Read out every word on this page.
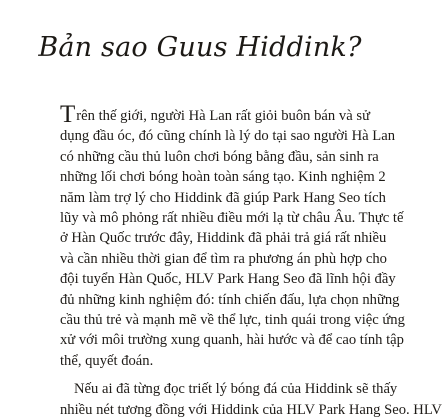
Bản sao Guus Hiddink?
Trên thế giới, người Hà Lan rất giỏi buôn bán và sử
dụng đầu óc, đó cũng chính là lý do tại sao người Hà Lan
có những cầu thủ luôn chơi bóng bằng đầu, sản sinh ra
những lối chơi bóng hoàn toàn sáng tạo. Kinh nghiệm 2
năm làm trợ lý cho Hiddink đã giúp Park Hang Seo tích
lũy và mô phỏng rất nhiều điều mới lạ từ châu Âu. Thực tế
ở Hàn Quốc trước đây, Hiddink đã phải trả giá rất nhiều
và cần nhiều thời gian để tìm ra phương án phù hợp cho
đội tuyển Hàn Quốc, HLV Park Hang Seo đã lĩnh hội đầy
đủ những kinh nghiệm đó: tính chiến đấu, lựa chọn những
cầu thủ trẻ và mạnh mẽ về thể lực, tinh quái trong việc ứng
xử với môi trường xung quanh, hài hước và để cao tính tập
thể, quyết đoán.
Nếu ai đã từng đọc triết lý bóng đá của Hiddink sẽ thấy
nhiều nét tương đồng với Hiddink của HLV Park Hang Seo. HLV
